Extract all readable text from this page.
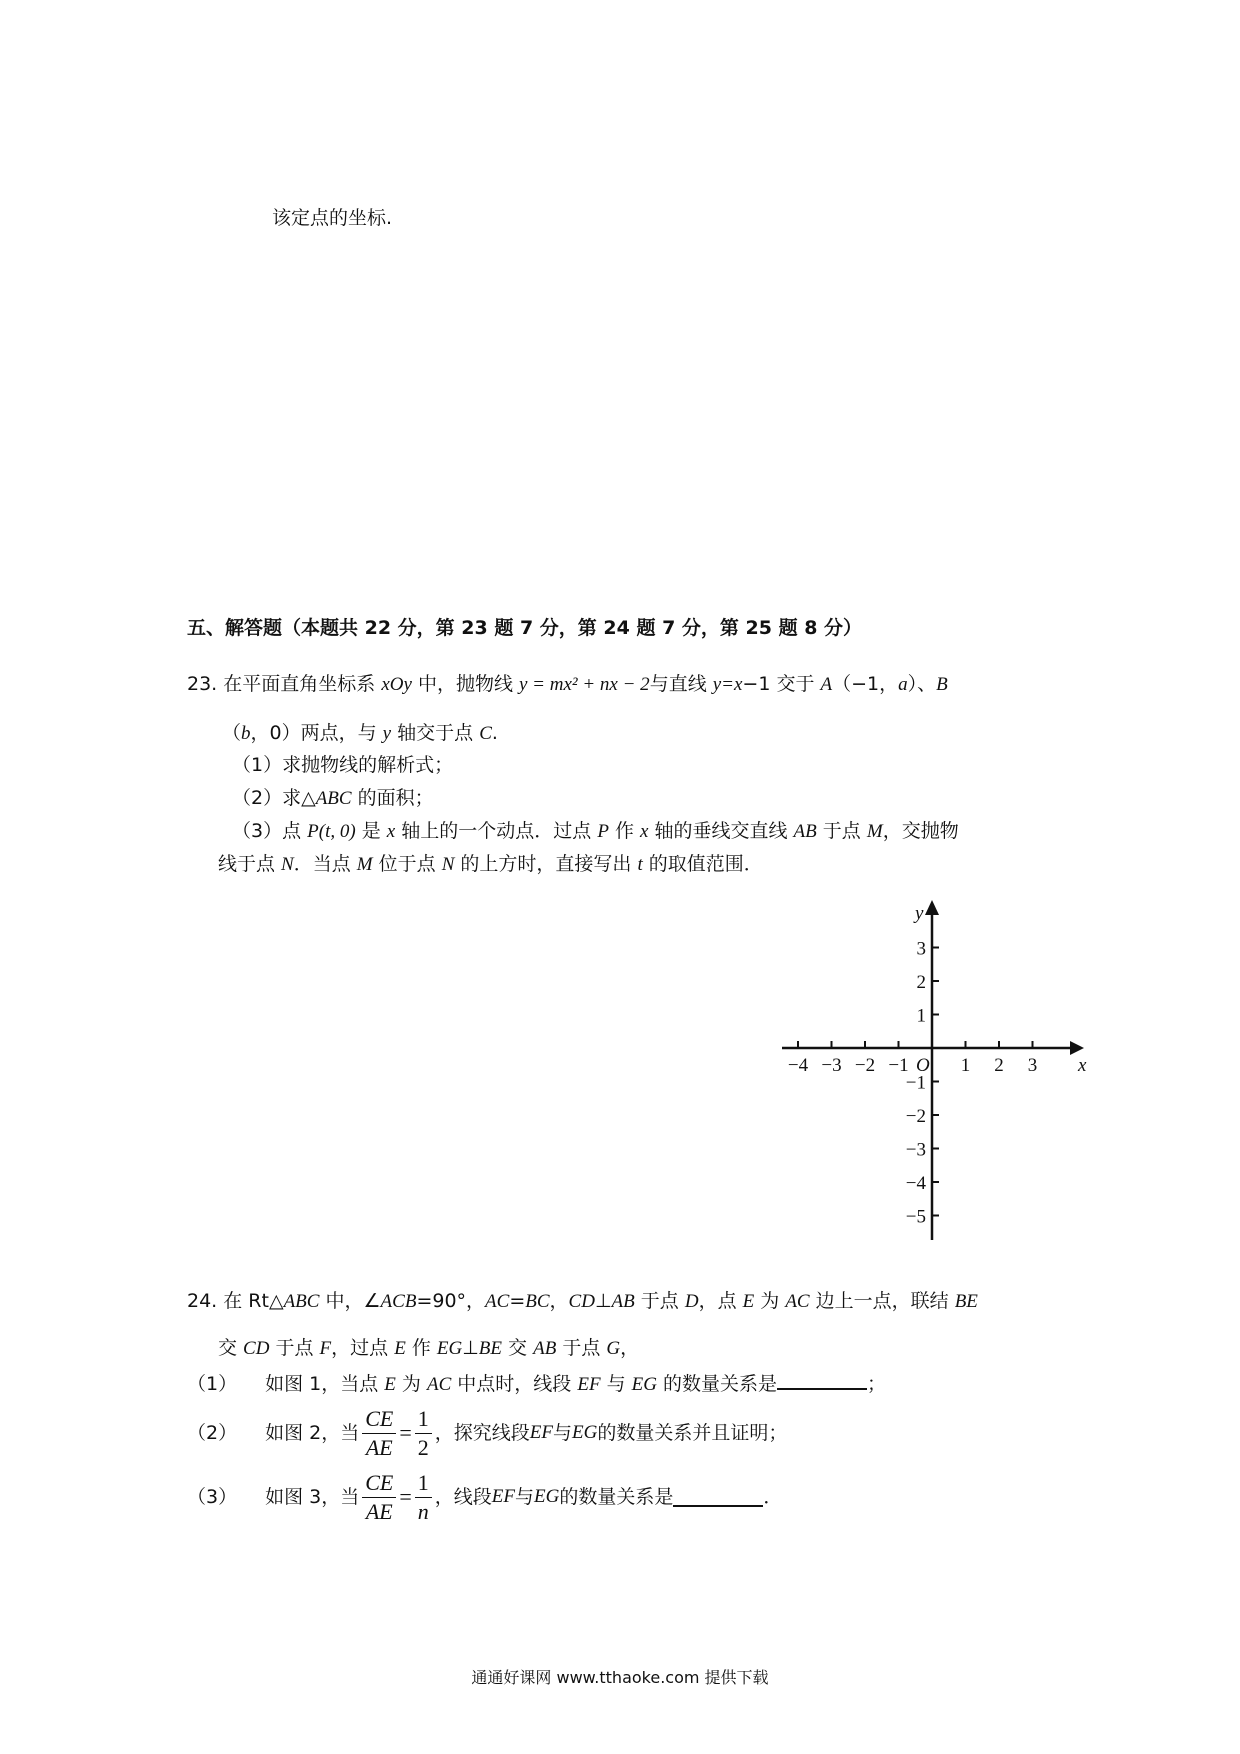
该定点的坐标.
五、解答题（本题共 22 分，第 23 题 7 分，第 24 题 7 分，第 25 题 8 分）
23. 在平面直角坐标系 xOy 中，抛物线 y = mx² + nx − 2与直线 y=x−1 交于 A（−1，a）、B
（b，0）两点，与 y 轴交于点 C.
（1）求抛物线的解析式；
（2）求△ABC 的面积；
（3）点 P(t, 0) 是 x 轴上的一个动点．过点 P 作 x 轴的垂线交直线 AB 于点 M，交抛物
线于点 N．当点 M 位于点 N 的上方时，直接写出 t 的取值范围．
−4 −3 −2 −1	1 2 3
3
2
1
−1
−2
−3
−4
−5
x
y
O
24. 在 Rt△ABC 中，∠ACB=90°，AC=BC，CD⊥AB 于点 D，点 E 为 AC 边上一点，联结 BE
交 CD 于点 F，过点 E 作 EG⊥BE 交 AB 于点 G，
（1） 如图 1，当点 E 为 AC 中点时，线段 EF 与 EG 的数量关系是	；
（2） 如图 2，当 $\frac{CE}{AE} = \frac{1}{2}$ ，探究线段 EF 与 EG 的数量关系并且证明；
（3） 如图 3，当 $\frac{CE}{AE} = \frac{1}{n}$ ，线段 EF 与 EG 的数量关系是	．
通通好课网 www.tthaoke.com 提供下载
